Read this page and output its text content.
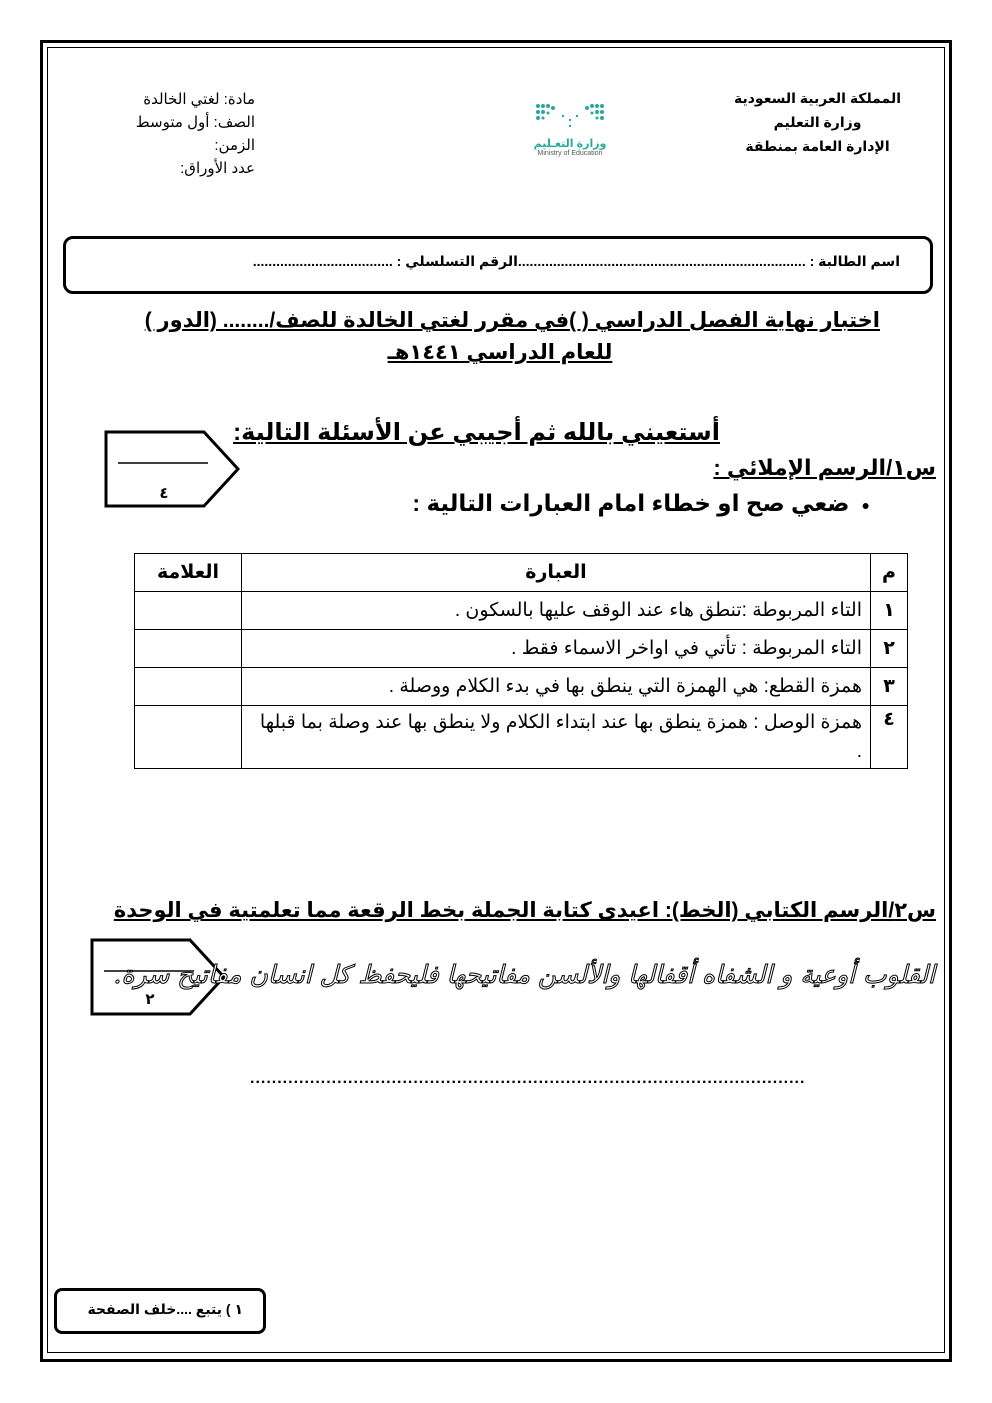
المملكة العربية السعودية
وزارة التعليم
الإدارة العامة بمنطقة
وزارة التعـليم
Ministry of Education
مادة: لغتي الخالدة
الصف: أول متوسط
الزمن:
عدد الأوراق:
اسم الطالبة : ..........................................................................الرقم التسلسلي : ....................................
اختبار نهاية الفصل الدراسي ( )في مقرر لغتي الخالدة للصف/........ (الدور )
للعام الدراسي ١٤٤١هـ
أستعيني بالله ثم أجيبي عن الأسئلة التالية:
٤
س١/الرسم الإملائي :
●ضعي صح او خطاء امام العبارات التالية :
م	العبارة	العلامة
١	التاء المربوطة :تنطق هاء عند الوقف عليها بالسكون .	
٢	التاء المربوطة : تأتي في اواخر الاسماء فقط .	
٣	همزة القطع: هي الهمزة التي ينطق بها في بدء الكلام ووصلة .	
٤	همزة الوصل : همزة ينطق بها عند ابتداء الكلام ولا ينطق بها عند وصلة بما قبلها .	
س٢/الرسم الكتابي (الخط): اعيدى كتابة الجملة بخط الرقعة مما تعلمتية في الوحدة
٢
القلوب أوعية و الشفاه أقفالها والألسن مفاتيحها فليحفظ كل انسان مفاتيح سرة.
......................................................................................................
١ ) يتبع ....خلف الصفحة
